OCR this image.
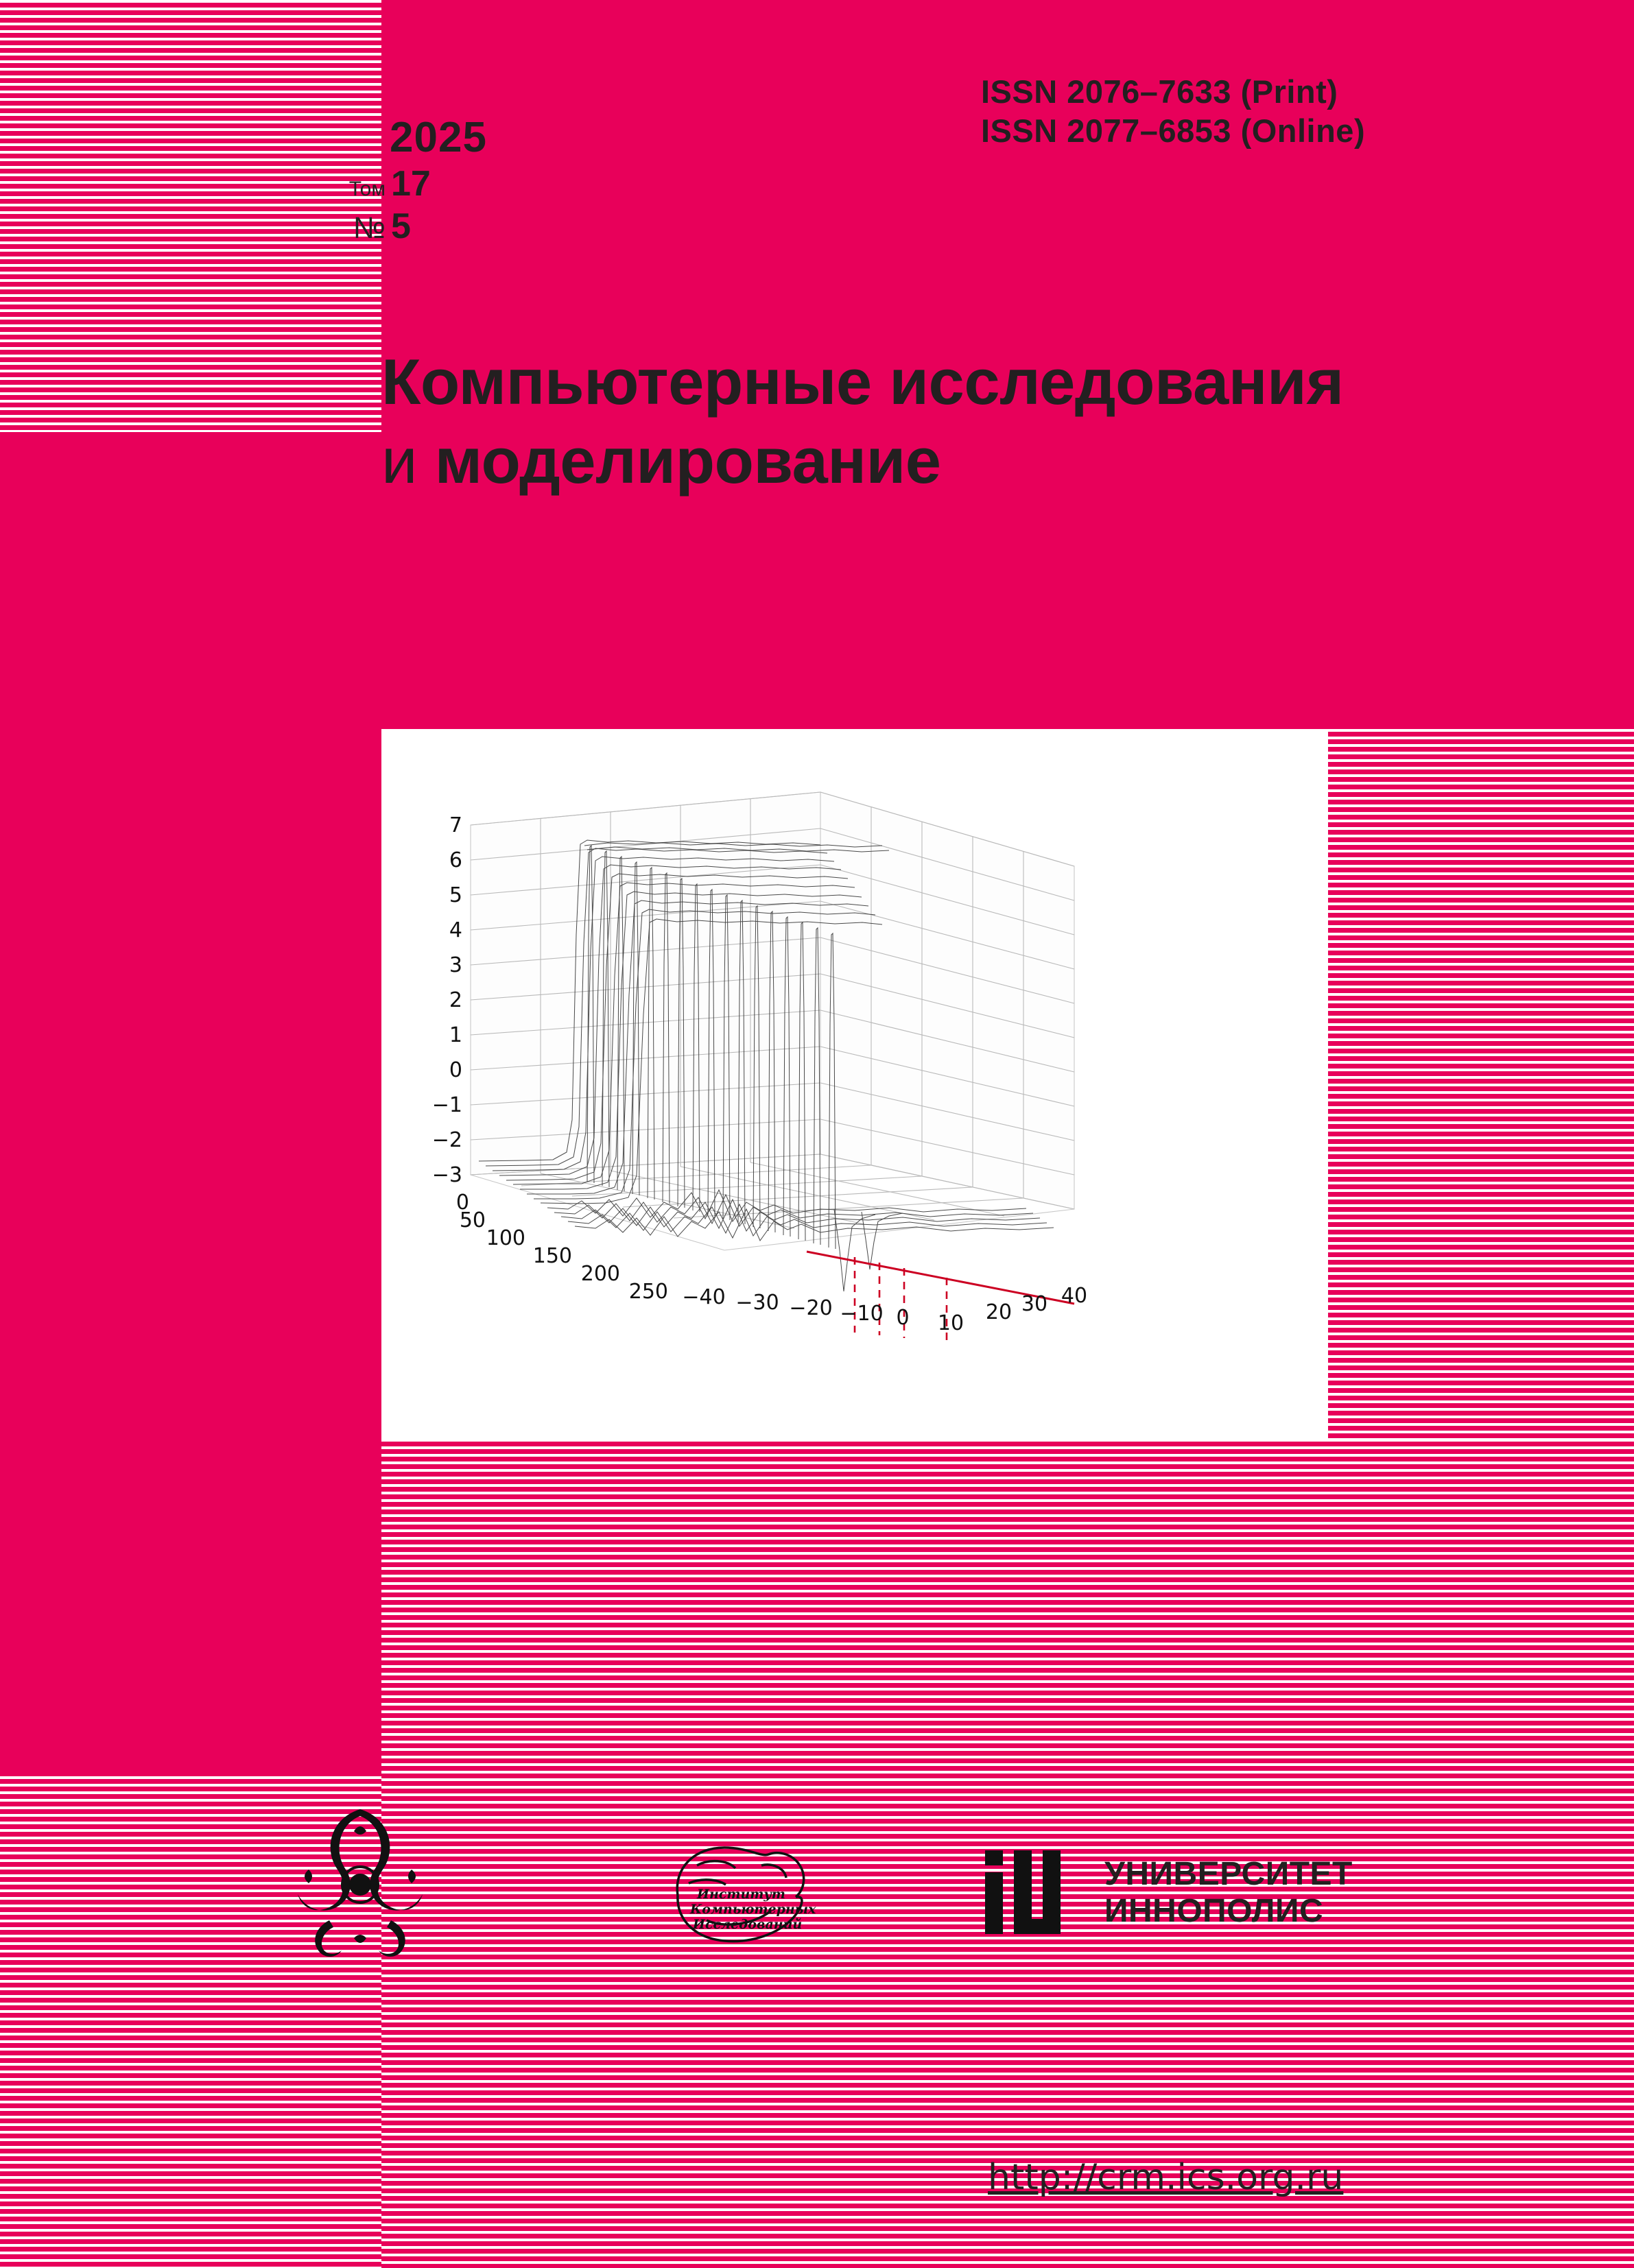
ISSN 2076–7633 (Print)
ISSN 2077–6853 (Online)
2025
Том 17
№ 5
Компьютерные исследования
и моделирование
7
6
5
4
3
2
1
0
−1
−2
−3
0
50
100
150
200
250 −40 −30 −20 −10 0 10 20 30 40
Институт
Компьютерных
Исследований
УНИВЕРСИТЕТ
ИННОПОЛИС
http://crm.ics.org.ru
